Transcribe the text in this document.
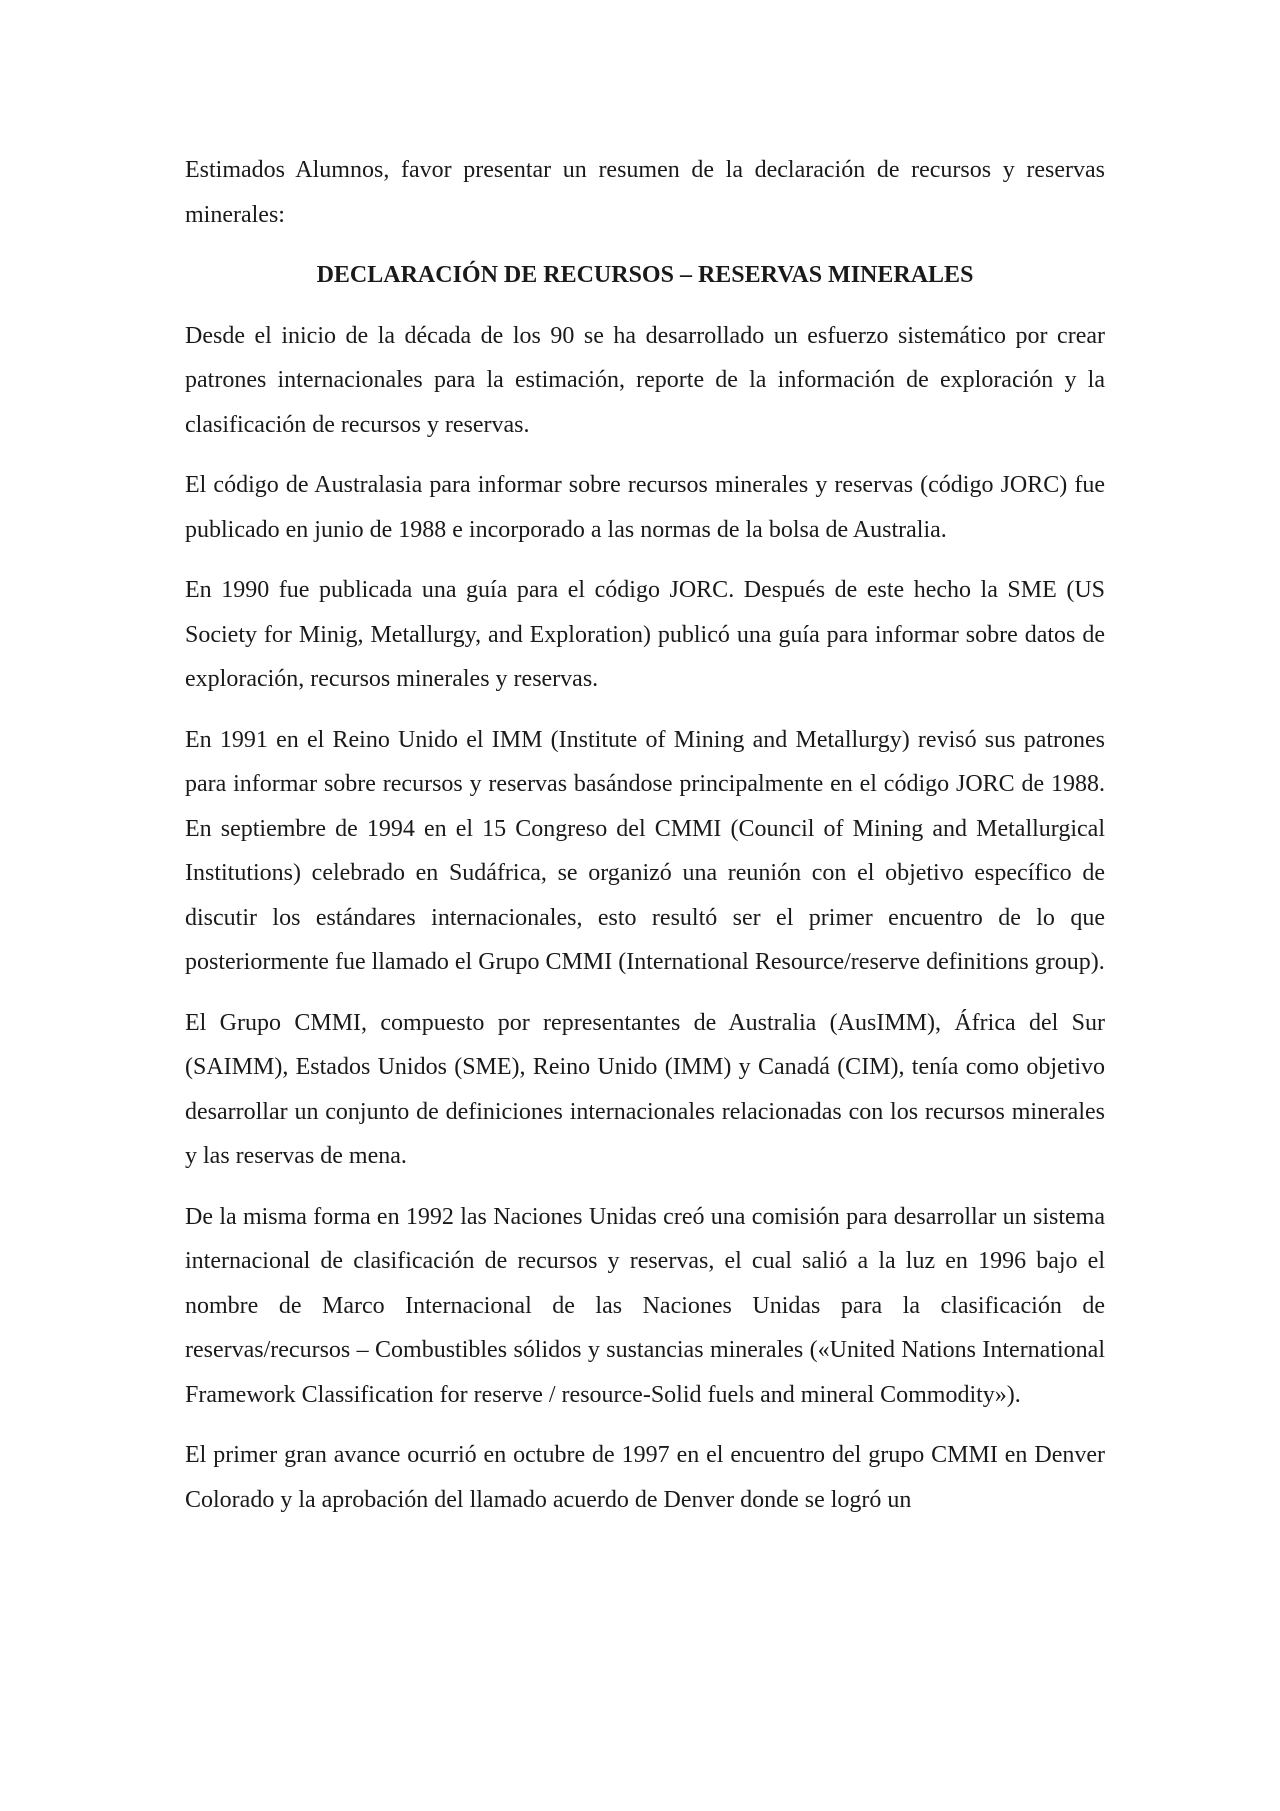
Estimados Alumnos, favor presentar un resumen de la declaración de recursos y reservas minerales:

DECLARACIÓN DE RECURSOS – RESERVAS MINERALES

Desde el inicio de la década de los 90 se ha desarrollado un esfuerzo sistemático por crear patrones internacionales para la estimación, reporte de la información de exploración y la clasificación de recursos y reservas.

El código de Australasia para informar sobre recursos minerales y reservas (código JORC) fue publicado en junio de 1988 e incorporado a las normas de la bolsa de Australia.

En 1990 fue publicada una guía para el código JORC. Después de este hecho la SME (US Society for Minig, Metallurgy, and Exploration) publicó una guía para informar sobre datos de exploración, recursos minerales y reservas.

En 1991 en el Reino Unido el IMM (Institute of Mining and Metallurgy) revisó sus patrones para informar sobre recursos y reservas basándose principalmente en el código JORC de 1988. En septiembre de 1994 en el 15 Congreso del CMMI (Council of Mining and Metallurgical Institutions) celebrado en Sudáfrica, se organizó una reunión con el objetivo específico de discutir los estándares internacionales, esto resultó ser el primer encuentro de lo que posteriormente fue llamado el Grupo CMMI (International Resource/reserve definitions group).

El Grupo CMMI, compuesto por representantes de Australia (AusIMM), África del Sur (SAIMM), Estados Unidos (SME), Reino Unido (IMM) y Canadá (CIM), tenía como objetivo desarrollar un conjunto de definiciones internacionales relacionadas con los recursos minerales y las reservas de mena.

De la misma forma en 1992 las Naciones Unidas creó una comisión para desarrollar un sistema internacional de clasificación de recursos y reservas, el cual salió a la luz en 1996 bajo el nombre de Marco Internacional de las Naciones Unidas para la clasificación de reservas/recursos – Combustibles sólidos y sustancias minerales («United Nations International Framework Classification for reserve / resource-Solid fuels and mineral Commodity»).

El primer gran avance ocurrió en octubre de 1997 en el encuentro del grupo CMMI en Denver Colorado y la aprobación del llamado acuerdo de Denver donde se logró un
